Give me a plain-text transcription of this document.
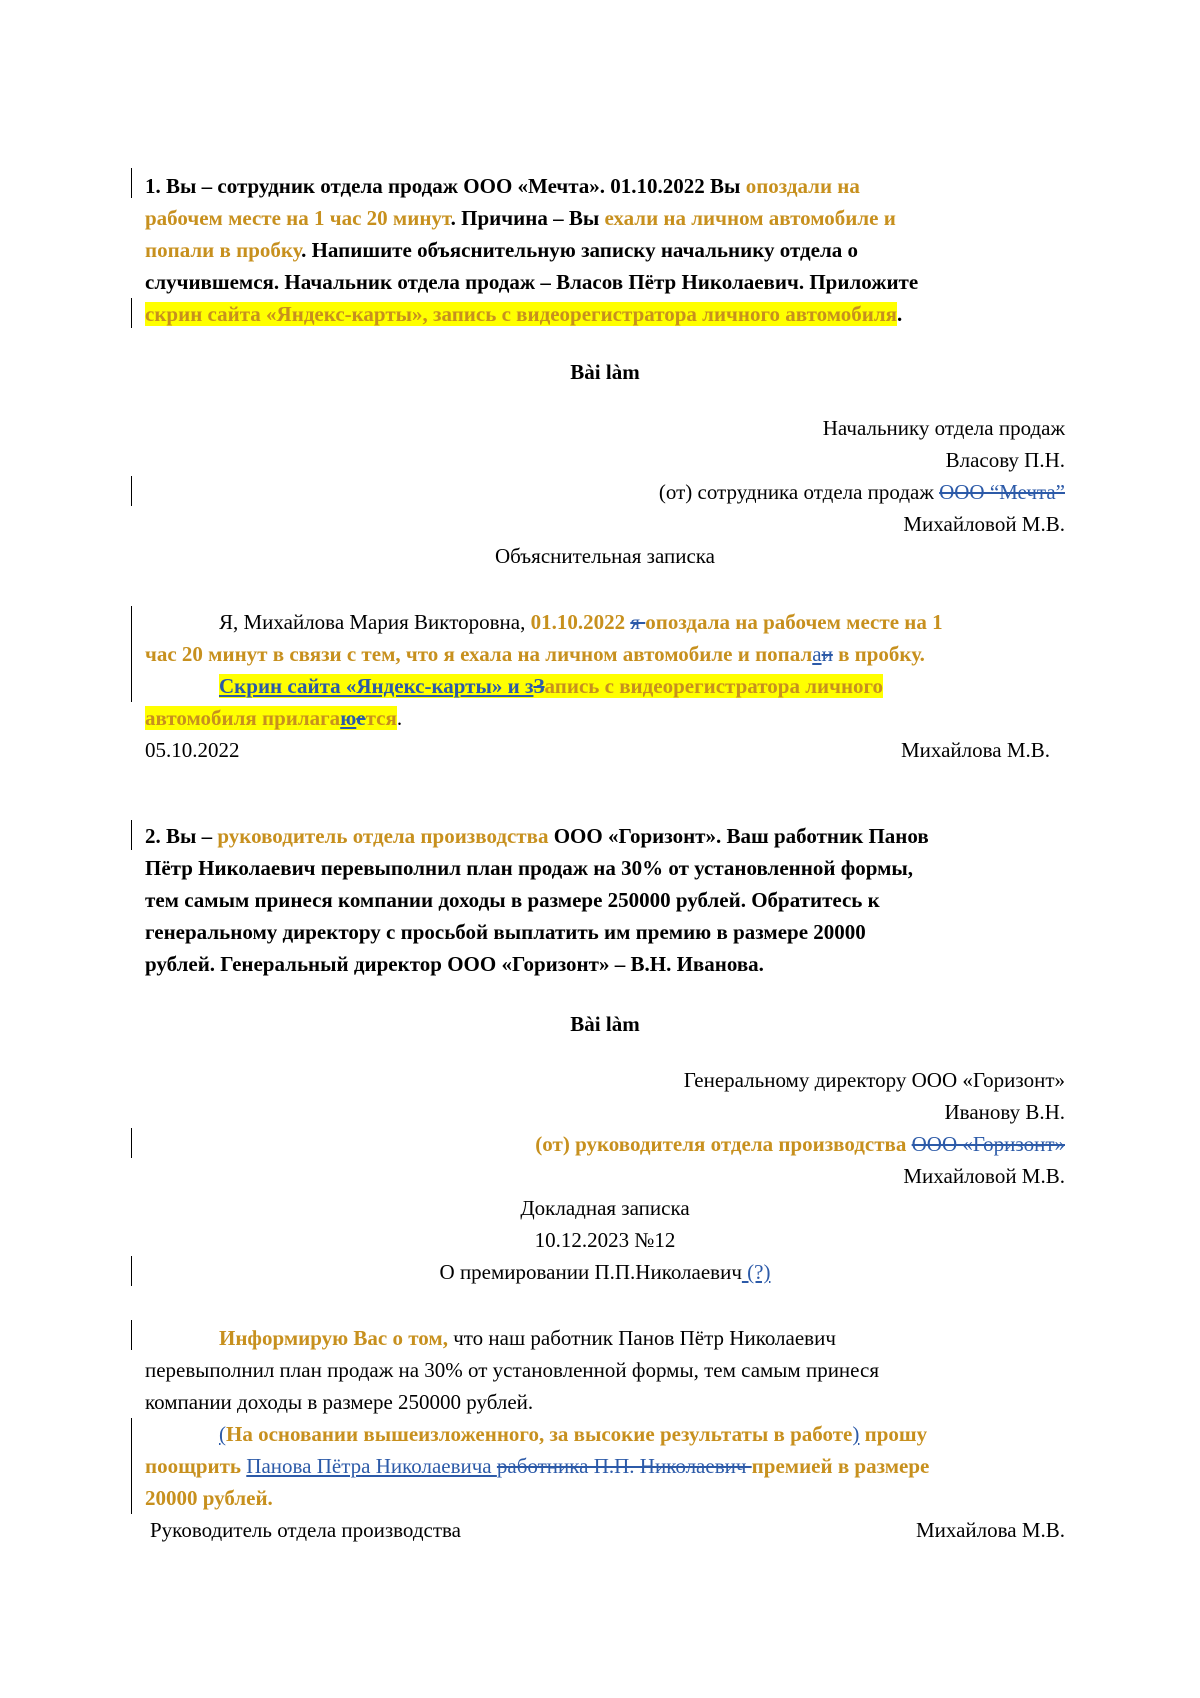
1. Вы – сотрудник отдела продаж ООО «Мечта». 01.10.2022 Вы опоздали на
рабочем месте на 1 час 20 минут. Причина – Вы ехали на личном автомобиле и
попали в пробку. Напишите объяснительную записку начальнику отдела о
случившемся. Начальник отдела продаж – Власов Пётр Николаевич. Приложите
скрин сайта «Яндекс-карты», запись с видеорегистратора личного автомобиля.
Bài làm
Начальнику отдела продаж
Власову П.Н.
(от) сотрудника отдела продаж ООО “Мечта”
Михайловой М.В.
Объяснительная записка
Я, Михайлова Мария Викторовна, 01.10.2022 я опоздала на рабочем месте на 1
час 20 минут в связи с тем, что я ехала на личном автомобиле и попалаи в пробку.
Скрин сайта «Яндекс-карты» и зЗапись с видеорегистратора личного
автомобиля прилагаюется.
05.10.2022	Михайлова М.В.
2. Вы – руководитель отдела производства ООО «Горизонт». Ваш работник Панов
Пётр Николаевич перевыполнил план продаж на 30% от установленной формы,
тем самым принеся компании доходы в размере 250000 рублей. Обратитесь к
генеральному директору с просьбой выплатить им премию в размере 20000
рублей. Генеральный директор ООО «Горизонт» – В.Н. Иванова.
Bài làm
Генеральному директору ООО «Горизонт»
Иванову В.Н.
(от) руководителя отдела производства ООО «Горизонт»
Михайловой М.В.
Докладная записка
10.12.2023 №12
О премировании П.П.Николаевич (?)
Информирую Вас о том, что наш работник Панов Пётр Николаевич
перевыполнил план продаж на 30% от установленной формы, тем самым принеся
компании доходы в размере 250000 рублей.
(На основании вышеизложенного, за высокие результаты в работе) прошу
поощрить Панова Пётра Николаевича работника П.П. Николаевич премией в размере
20000 рублей.
Руководитель отдела производства	Михайлова М.В.
